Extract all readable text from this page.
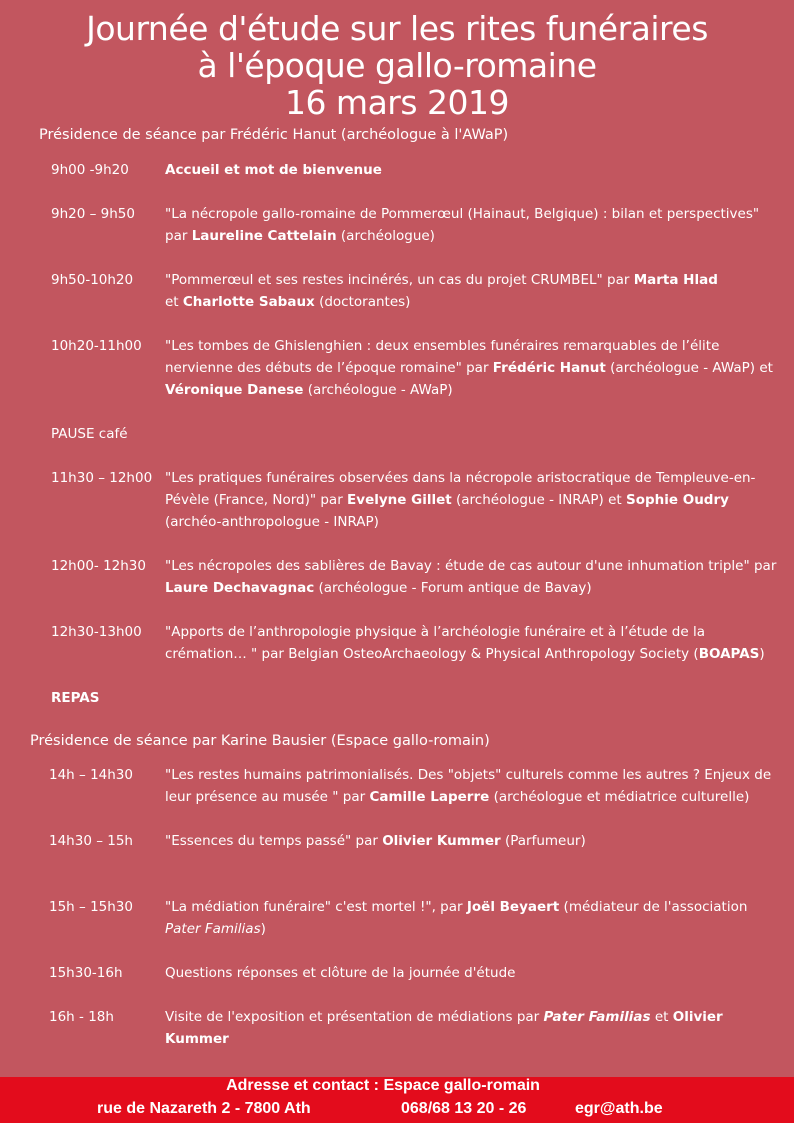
Journée d'étude sur les rites funéraires
à l'époque gallo-romaine
16 mars 2019
Présidence de séance par Frédéric Hanut (archéologue à l'AWaP)
Présidence de séance par Karine Bausier (Espace gallo-romain)
9h00 -9h20	Accueil et mot de bienvenue
9h20 – 9h50 "La nécropole gallo-romaine de Pommerœul (Hainaut, Belgique) : bilan et perspectives" par Laureline Cattelain (archéologue)
9h50-10h20 "Pommerœul et ses restes incinérés, un cas du projet CRUMBEL" par Marta Hlad
et Charlotte Sabaux (doctorantes)
10h20-11h00 "Les tombes de Ghislenghien : deux ensembles funéraires remarquables de l’élite nervienne des débuts de l’époque romaine" par Frédéric Hanut (archéologue - AWaP) et Véronique Danese (archéologue - AWaP)
PAUSE café
11h30 – 12h00 "Les pratiques funéraires observées dans la nécropole aristocratique de Templeuve-en-Pévèle (France, Nord)" par Evelyne Gillet (archéologue - INRAP) et Sophie Oudry (archéo-anthropologue - INRAP)
12h00- 12h30 "Les nécropoles des sablières de Bavay : étude de cas autour d'une inhumation triple" par Laure Dechavagnac (archéologue - Forum antique de Bavay)
12h30-13h00 "Apports de l’anthropologie physique à l’archéologie funéraire et à l’étude de la crémation… " par Belgian OsteoArchaeology & Physical Anthropology Society (BOAPAS)
REPAS
14h – 14h30 "Les restes humains patrimonialisés. Des "objets" culturels comme les autres ? Enjeux de leur présence au musée " par Camille Laperre (archéologue et médiatrice culturelle)
14h30 – 15h "Essences du temps passé" par Olivier Kummer (Parfumeur)
15h – 15h30 "La médiation funéraire" c'est mortel !", par Joël Beyaert (médiateur de l'association Pater Familias)
15h30-16h	Questions réponses et clôture de la journée d'étude
16h - 18h	Visite de l'exposition et présentation de médiations par Pater Familias et Olivier Kummer
Adresse et contact : Espace gallo-romain
rue de Nazareth 2 - 7800 Ath	068/68 13 20 - 26	egr@ath.be
